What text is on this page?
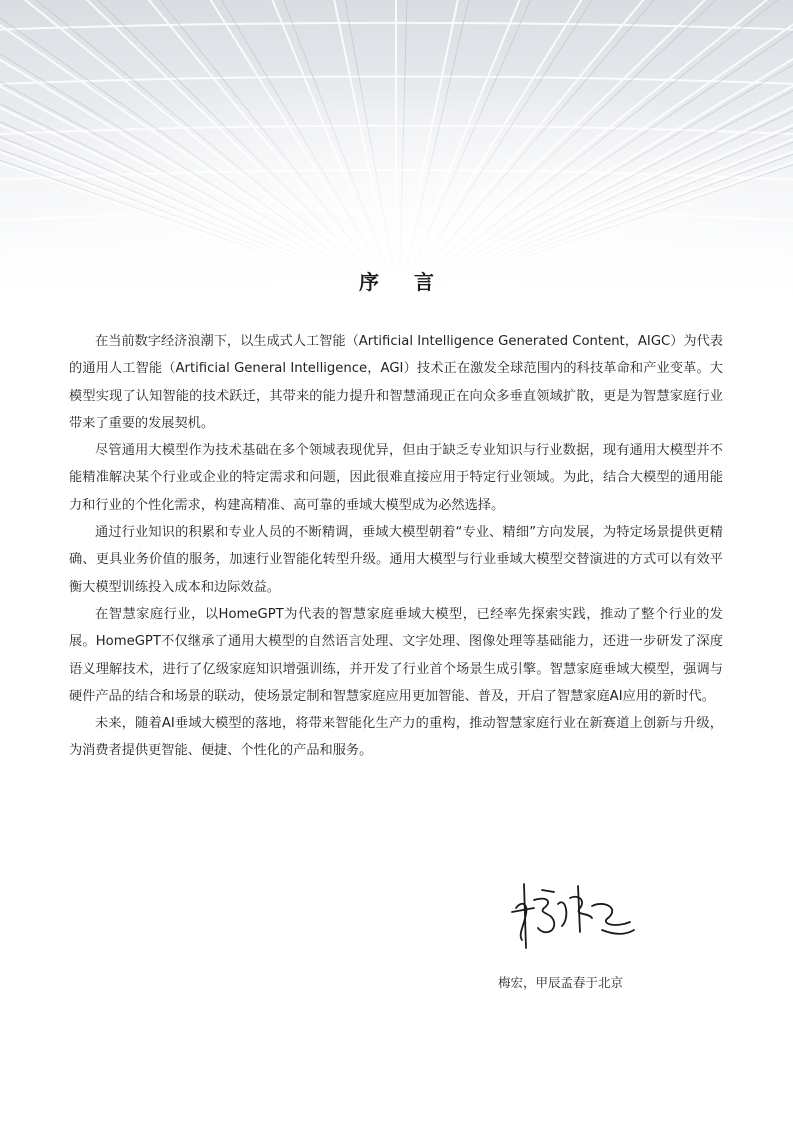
序 言

在当前数字经济浪潮下，以生成式人工智能（Artificial Intelligence Generated Content，AIGC）为代表的通用人工智能（Artificial General Intelligence，AGI）技术正在激发全球范围内的科技革命和产业变革。大模型实现了认知智能的技术跃迁，其带来的能力提升和智慧涌现正在向众多垂直领域扩散，更是为智慧家庭行业带来了重要的发展契机。

尽管通用大模型作为技术基础在多个领域表现优异，但由于缺乏专业知识与行业数据，现有通用大模型并不能精准解决某个行业或企业的特定需求和问题，因此很难直接应用于特定行业领域。为此，结合大模型的通用能力和行业的个性化需求，构建高精准、高可靠的垂域大模型成为必然选择。

通过行业知识的积累和专业人员的不断精调，垂域大模型朝着“专业、精细”方向发展，为特定场景提供更精确、更具业务价值的服务，加速行业智能化转型升级。通用大模型与行业垂域大模型交替演进的方式可以有效平衡大模型训练投入成本和边际效益。

在智慧家庭行业，以HomeGPT为代表的智慧家庭垂域大模型，已经率先探索实践，推动了整个行业的发展。HomeGPT不仅继承了通用大模型的自然语言处理、文字处理、图像处理等基础能力，还进一步研发了深度语义理解技术，进行了亿级家庭知识增强训练，并开发了行业首个场景生成引擎。智慧家庭垂域大模型，强调与硬件产品的结合和场景的联动，使场景定制和智慧家庭应用更加智能、普及，开启了智慧家庭AI应用的新时代。

未来，随着AI垂域大模型的落地，将带来智能化生产力的重构，推动智慧家庭行业在新赛道上创新与升级，为消费者提供更智能、便捷、个性化的产品和服务。

梅宏，甲辰孟春于北京
